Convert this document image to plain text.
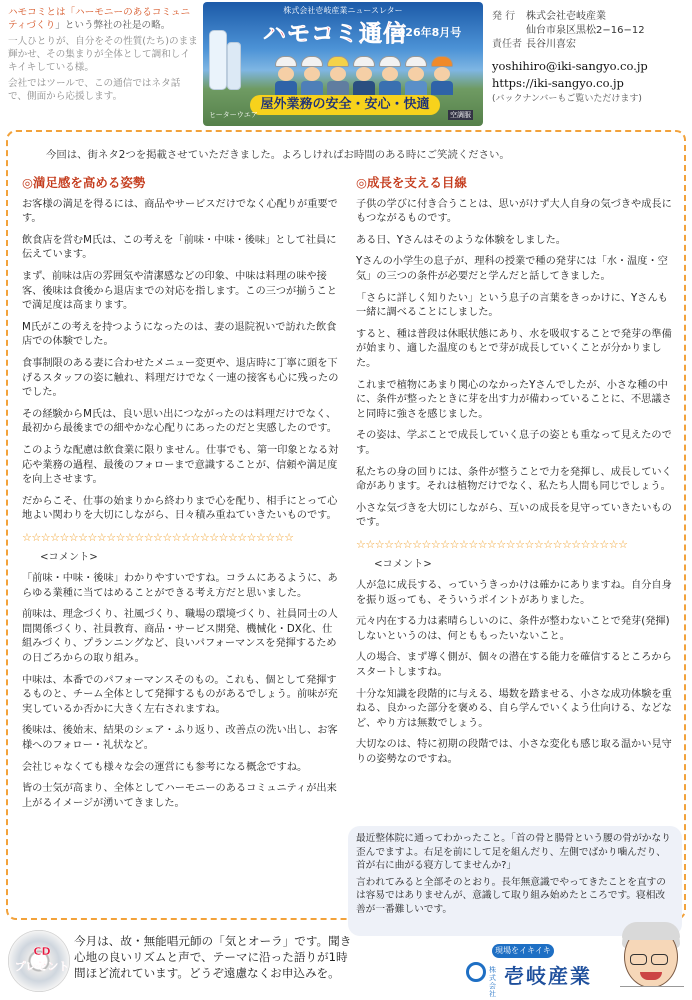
ハモコミとは「ハーモニーのあるコミュニティづくり」という弊社の社是の略。

一人ひとりが、自分をその性質(たち)のまま輝かせ、その集まりが全体として調和しイキイキしている様。

会社ではツールで、この通信ではネタ話で、側面から応援します。

株式会社壱岐産業ニュースレター
ハモコミ通信
2026年8月号
屋外業務の安全・安心・快適
ヒーターウエア	空調服
発 行	株式会社壱岐産業
仙台市泉区黒松2−16−12
責任者 長谷川喜宏
yoshihiro@iki-sangyo.co.jp
https://iki-sangyo.co.jp
(バックナンバーもご覧いただけます)
今回は、街ネタ2つを掲載させていただきました。よろしければお時間のある時にご笑読ください。
◎満足感を高める姿勢

お客様の満足を得るには、商品やサービスだけでなく心配りが重要です。

飲食店を営むM氏は、この考えを「前味・中味・後味」として社員に伝えています。

まず、前味は店の雰囲気や清潔感などの印象、中味は料理の味や接客、後味は食後から退店までの対応を指します。この三つが揃うことで満足度は高まります。

M氏がこの考えを持つようになったのは、妻の退院祝いで訪れた飲食店での体験でした。

食事制限のある妻に合わせたメニュー変更や、退店時に丁寧に頭を下げるスタッフの姿に触れ、料理だけでなく一連の接客も心に残ったのでした。

その経験からM氏は、良い思い出につながったのは料理だけでなく、最初から最後までの細やかな心配りにあったのだと実感したのです。

このような配慮は飲食業に限りません。仕事でも、第一印象となる対応や業務の過程、最後のフォローまで意識することが、信頼や満足度を向上させます。

だからこそ、仕事の始まりから終わりまで心を配り、相手にとって心地よい関わりを大切にしながら、日々積み重ねていきたいものです。

☆☆☆☆☆☆☆☆☆☆☆☆☆☆☆☆☆☆☆☆☆☆☆☆☆☆☆☆☆
<コメント>

「前味・中味・後味」わかりやすいですね。コラムにあるように、あらゆる業種に当てはめることができる考え方だと思いました。

前味は、理念づくり、社風づくり、職場の環境づくり、社員同士の人間関係づくり、社員教育、商品・サービス開発、機械化・DX化、仕組みづくり、プランニングなど、良いパフォーマンスを発揮するための日ごろからの取り組み。

中味は、本番でのパフォーマンスそのもの。これも、個として発揮するものと、チーム全体として発揮するものがあるでしょう。前味が充実しているか否かに大きく左右されますね。

後味は、後始末、結果のシェア・ふり返り、改善点の洗い出し、お客様へのフォロー・礼状など。

会社じゃなくても様々な会の運営にも参考になる概念ですね。

皆の士気が高まり、全体としてハーモニーのあるコミュニティが出来上がるイメージが湧いてきました。

◎成長を支える目線

子供の学びに付き合うことは、思いがけず大人自身の気づきや成長にもつながるものです。

ある日、Yさんはそのような体験をしました。

Yさんの小学生の息子が、理科の授業で種の発芽には「水・温度・空気」の三つの条件が必要だと学んだと話してきました。

「さらに詳しく知りたい」という息子の言葉をきっかけに、Yさんも一緒に調べることにしました。

すると、種は普段は休眠状態にあり、水を吸収することで発芽の準備が始まり、適した温度のもとで芽が成長していくことが分かりました。

これまで植物にあまり関心のなかったYさんでしたが、小さな種の中に、条件が整ったときに芽を出す力が備わっていることに、不思議さと同時に強さを感じました。

その姿は、学ぶことで成長していく息子の姿とも重なって見えたのです。

私たちの身の回りには、条件が整うことで力を発揮し、成長していく命があります。それは植物だけでなく、私たち人間も同じでしょう。

小さな気づきを大切にしながら、互いの成長を見守っていきたいものです。

☆☆☆☆☆☆☆☆☆☆☆☆☆☆☆☆☆☆☆☆☆☆☆☆☆☆☆☆☆
<コメント>

人が急に成長する、っていうきっかけは確かにありますね。自分自身を振り返っても、そういうポイントがありました。

元々内在する力は素晴らしいのに、条件が整わないことで発芽(発揮)しないというのは、何とももったいないこと。

人の場合、まず導く側が、個々の潜在する能力を確信するところからスタートしますね。

十分な知識を段階的に与える、場数を踏ませる、小さな成功体験を重ねる、良かった部分を褒める、自ら学んでいくよう仕向ける、などなど、やり方は無数でしょう。

大切なのは、特に初期の段階では、小さな変化も感じ取る温かい見守りの姿勢なのですね。

最近整体院に通ってわかったこと。「首の骨と腸骨という腰の骨がかなり歪んでますよ。右足を前にして足を組んだり、左側でばかり噛んだり、首が右に曲がる寝方してませんか?」

言われてみると全部そのとおり。長年無意識でやってきたことを直すのは容易ではありませんが、意識して取り組み始めたところです。寝相改善が一番難しいです。

CD
プレゼント
今月は、故・無能唱元師の「気とオーラ」です。聞き心地の良いリズムと声で、テーマに沿った語りが1時間ほど流れています。どうぞ遠慮なくお申込みを。
現場をイキイキ
株式会社
壱岐産業
